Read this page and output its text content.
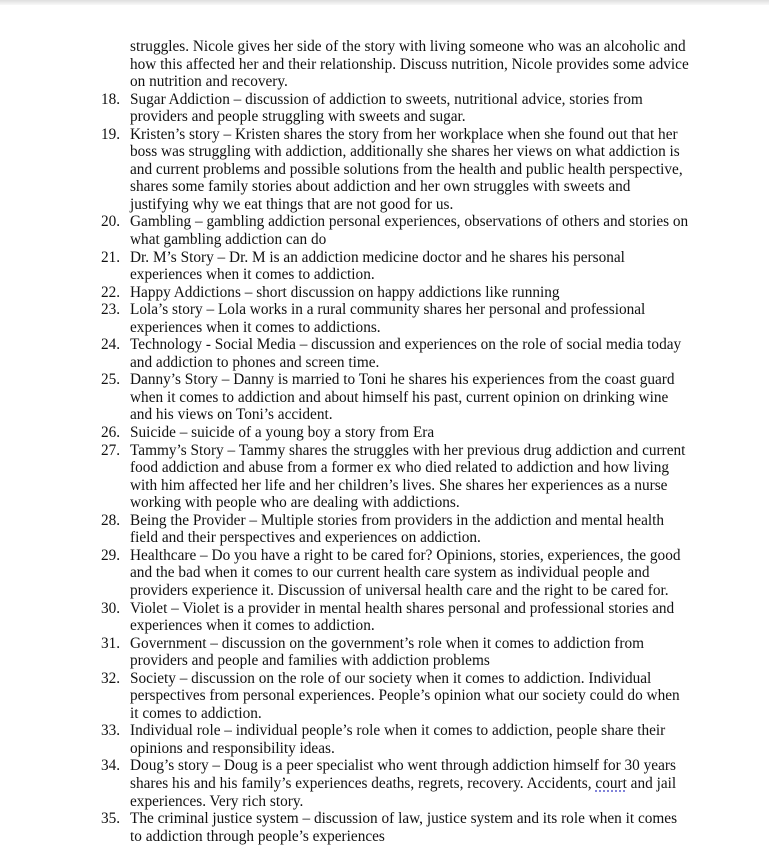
struggles. Nicole gives her side of the story with living someone who was an alcoholic and how this affected her and their relationship. Discuss nutrition, Nicole provides some advice on nutrition and recovery.

18. Sugar Addiction – discussion of addiction to sweets, nutritional advice, stories from providers and people struggling with sweets and sugar.
19. Kristen’s story – Kristen shares the story from her workplace when she found out that her boss was struggling with addiction, additionally she shares her views on what addiction is and current problems and possible solutions from the health and public health perspective, shares some family stories about addiction and her own struggles with sweets and justifying why we eat things that are not good for us.
20. Gambling – gambling addiction personal experiences, observations of others and stories on what gambling addiction can do
21. Dr. M’s Story – Dr. M is an addiction medicine doctor and he shares his personal experiences when it comes to addiction.
22. Happy Addictions – short discussion on happy addictions like running
23. Lola’s story – Lola works in a rural community shares her personal and professional experiences when it comes to addictions.
24. Technology - Social Media – discussion and experiences on the role of social media today and addiction to phones and screen time.
25. Danny’s Story – Danny is married to Toni he shares his experiences from the coast guard when it comes to addiction and about himself his past, current opinion on drinking wine and his views on Toni’s accident.
26. Suicide – suicide of a young boy a story from Era
27. Tammy’s Story – Tammy shares the struggles with her previous drug addiction and current food addiction and abuse from a former ex who died related to addiction and how living with him affected her life and her children’s lives. She shares her experiences as a nurse working with people who are dealing with addictions.
28. Being the Provider – Multiple stories from providers in the addiction and mental health field and their perspectives and experiences on addiction.
29. Healthcare – Do you have a right to be cared for? Opinions, stories, experiences, the good and the bad when it comes to our current health care system as individual people and providers experience it. Discussion of universal health care and the right to be cared for.
30. Violet – Violet is a provider in mental health shares personal and professional stories and experiences when it comes to addiction.
31. Government – discussion on the government’s role when it comes to addiction from providers and people and families with addiction problems
32. Society – discussion on the role of our society when it comes to addiction. Individual perspectives from personal experiences. People’s opinion what our society could do when it comes to addiction.
33. Individual role – individual people’s role when it comes to addiction, people share their opinions and responsibility ideas.
34. Doug’s story – Doug is a peer specialist who went through addiction himself for 30 years shares his and his family’s experiences deaths, regrets, recovery. Accidents, court and jail experiences. Very rich story.
35. The criminal justice system – discussion of law, justice system and its role when it comes to addiction through people’s experiences
